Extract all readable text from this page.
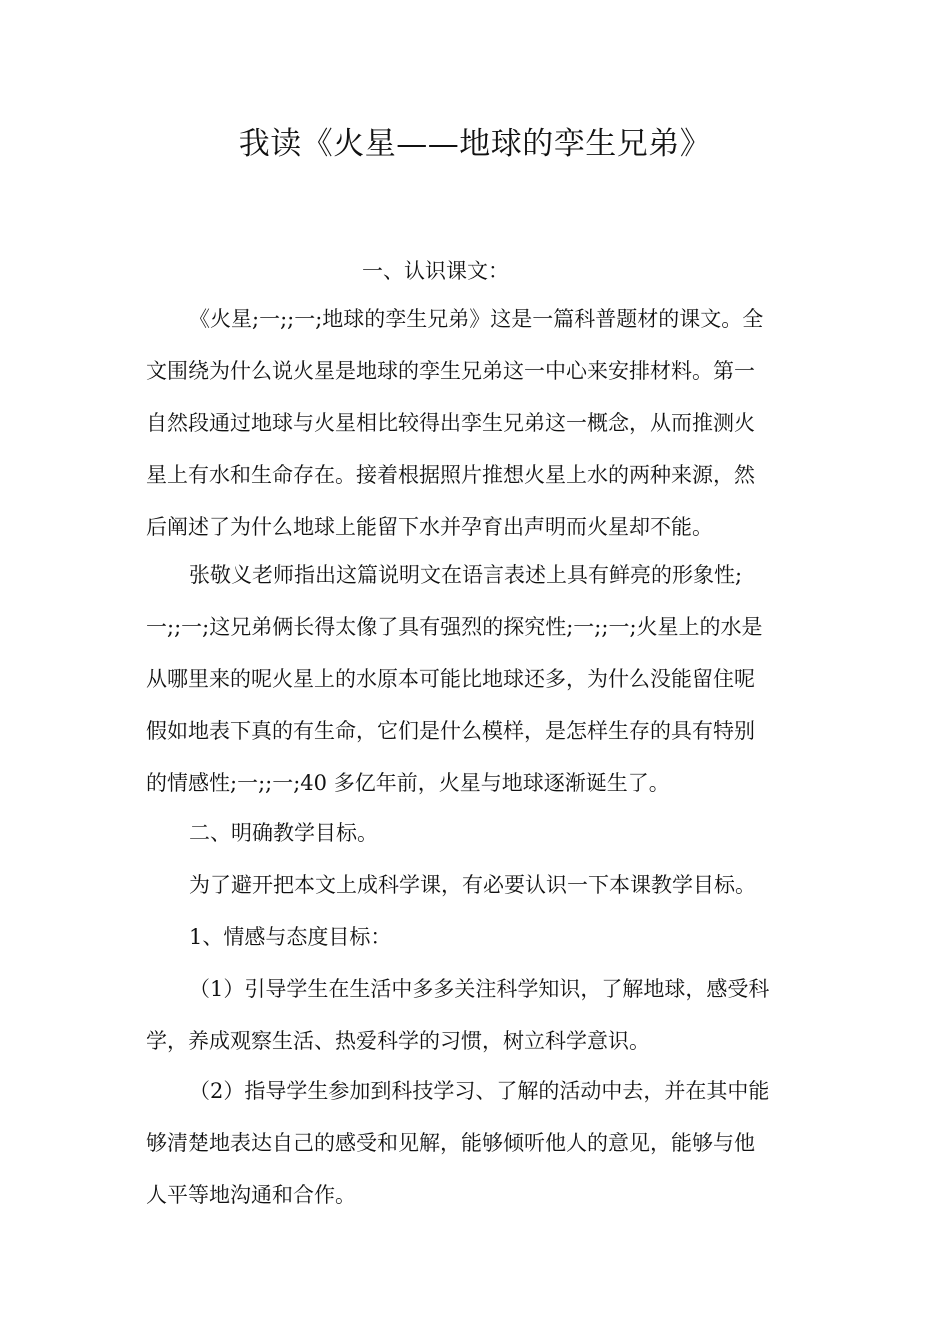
我读《火星——地球的孪生兄弟》
一、认识课文：
《火星;一;;一;地球的孪生兄弟》这是一篇科普题材的课文。全
文围绕为什么说火星是地球的孪生兄弟这一中心来安排材料。第一
自然段通过地球与火星相比较得出孪生兄弟这一概念，从而推测火
星上有水和生命存在。接着根据照片推想火星上水的两种来源，然
后阐述了为什么地球上能留下水并孕育出声明而火星却不能。
张敬义老师指出这篇说明文在语言表述上具有鲜亮的形象性;
一;;一;这兄弟俩长得太像了具有强烈的探究性;一;;一;火星上的水是
从哪里来的呢火星上的水原本可能比地球还多，为什么没能留住呢
假如地表下真的有生命，它们是什么模样，是怎样生存的具有特别
的情感性;一;;一;40 多亿年前，火星与地球逐渐诞生了。
二、明确教学目标。
为了避开把本文上成科学课，有必要认识一下本课教学目标。
1、情感与态度目标：
（1）引导学生在生活中多多关注科学知识，了解地球，感受科
学，养成观察生活、热爱科学的习惯，树立科学意识。
（2）指导学生参加到科技学习、了解的活动中去，并在其中能
够清楚地表达自己的感受和见解，能够倾听他人的意见，能够与他
人平等地沟通和合作。
